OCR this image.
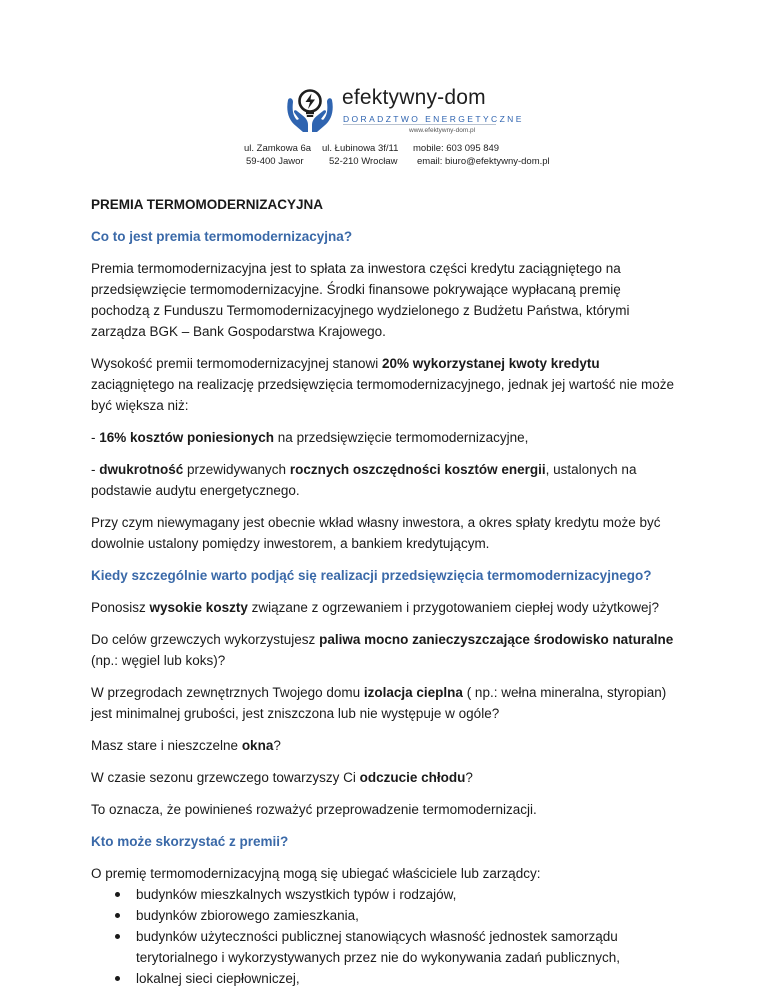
efektywny-dom
DORADZTWO ENERGETYCZNE
www.efektywny-dom.pl
ul. Zamkowa 6a
59-400 Jawor
ul. Łubinowa 3f/11
52-210 Wrocław
mobile: 603 095 849
email: biuro@efektywny-dom.pl
PREMIA TERMOMODERNIZACYJNA
Co to jest premia termomodernizacyjna?
Premia termomodernizacyjna jest to spłata za inwestora części kredytu zaciągniętego na przedsięwzięcie termomodernizacyjne. Środki finansowe pokrywające wypłacaną premię pochodzą z Funduszu Termomodernizacyjnego wydzielonego z Budżetu Państwa, którymi zarządza BGK – Bank Gospodarstwa Krajowego.
Wysokość premii termomodernizacyjnej stanowi 20% wykorzystanej kwoty kredytu zaciągniętego na realizację przedsięwzięcia termomodernizacyjnego, jednak jej wartość nie może być większa niż:
- 16% kosztów poniesionych na przedsięwzięcie termomodernizacyjne,
- dwukrotność przewidywanych rocznych oszczędności kosztów energii, ustalonych na podstawie audytu energetycznego.
Przy czym niewymagany jest obecnie wkład własny inwestora, a okres spłaty kredytu może być dowolnie ustalony pomiędzy inwestorem, a bankiem kredytującym.
Kiedy szczególnie warto podjąć się realizacji przedsięwzięcia termomodernizacyjnego?
Ponosisz wysokie koszty związane z ogrzewaniem i przygotowaniem ciepłej wody użytkowej?
Do celów grzewczych wykorzystujesz paliwa mocno zanieczyszczające środowisko naturalne (np.: węgiel lub koks)?
W przegrodach zewnętrznych Twojego domu izolacja cieplna ( np.: wełna mineralna, styropian) jest minimalnej grubości, jest zniszczona lub nie występuje w ogóle?
Masz stare i nieszczelne okna?
W czasie sezonu grzewczego towarzyszy Ci odczucie chłodu?
To oznacza, że powinieneś rozważyć przeprowadzenie termomodernizacji.
Kto może skorzystać z premii?
O premię termomodernizacyjną mogą się ubiegać właściciele lub zarządcy:
budynków mieszkalnych wszystkich typów i rodzajów,
budynków zbiorowego zamieszkania,
budynków użyteczności publicznej stanowiących własność jednostek samorządu terytorialnego i wykorzystywanych przez nie do wykonywania zadań publicznych,
lokalnej sieci ciepłowniczej,
